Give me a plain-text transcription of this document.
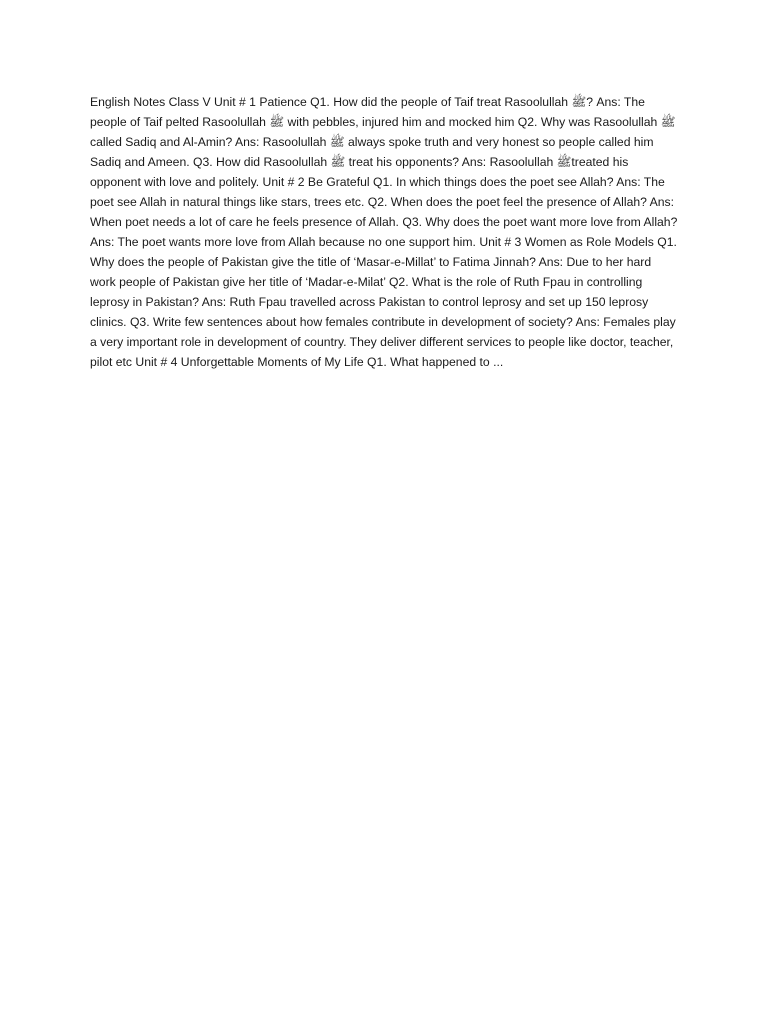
English Notes Class V Unit # 1 Patience Q1. How did the people of Taif treat Rasoolullah ﷺ? Ans: The people of Taif pelted Rasoolullah ﷺ with pebbles, injured him and mocked him Q2. Why was Rasoolullah ﷺ called Sadiq and Al-Amin? Ans: Rasoolullah ﷺ always spoke truth and very honest so people called him Sadiq and Ameen. Q3. How did Rasoolullah ﷺ treat his opponents? Ans: Rasoolullah ﷺtreated his opponent with love and politely. Unit # 2 Be Grateful Q1. In which things does the poet see Allah? Ans: The poet see Allah in natural things like stars, trees etc. Q2. When does the poet feel the presence of Allah? Ans: When poet needs a lot of care he feels presence of Allah. Q3. Why does the poet want more love from Allah? Ans: The poet wants more love from Allah because no one support him. Unit # 3 Women as Role Models Q1. Why does the people of Pakistan give the title of ‘Masar-e-Millat’ to Fatima Jinnah? Ans: Due to her hard work people of Pakistan give her title of ‘Madar-e-Milat’ Q2. What is the role of Ruth Fpau in controlling leprosy in Pakistan? Ans: Ruth Fpau travelled across Pakistan to control leprosy and set up 150 leprosy clinics. Q3. Write few sentences about how females contribute in development of society? Ans: Females play a very important role in development of country. They deliver different services to people like doctor, teacher, pilot etc Unit # 4 Unforgettable Moments of My Life Q1. What happened to ...
